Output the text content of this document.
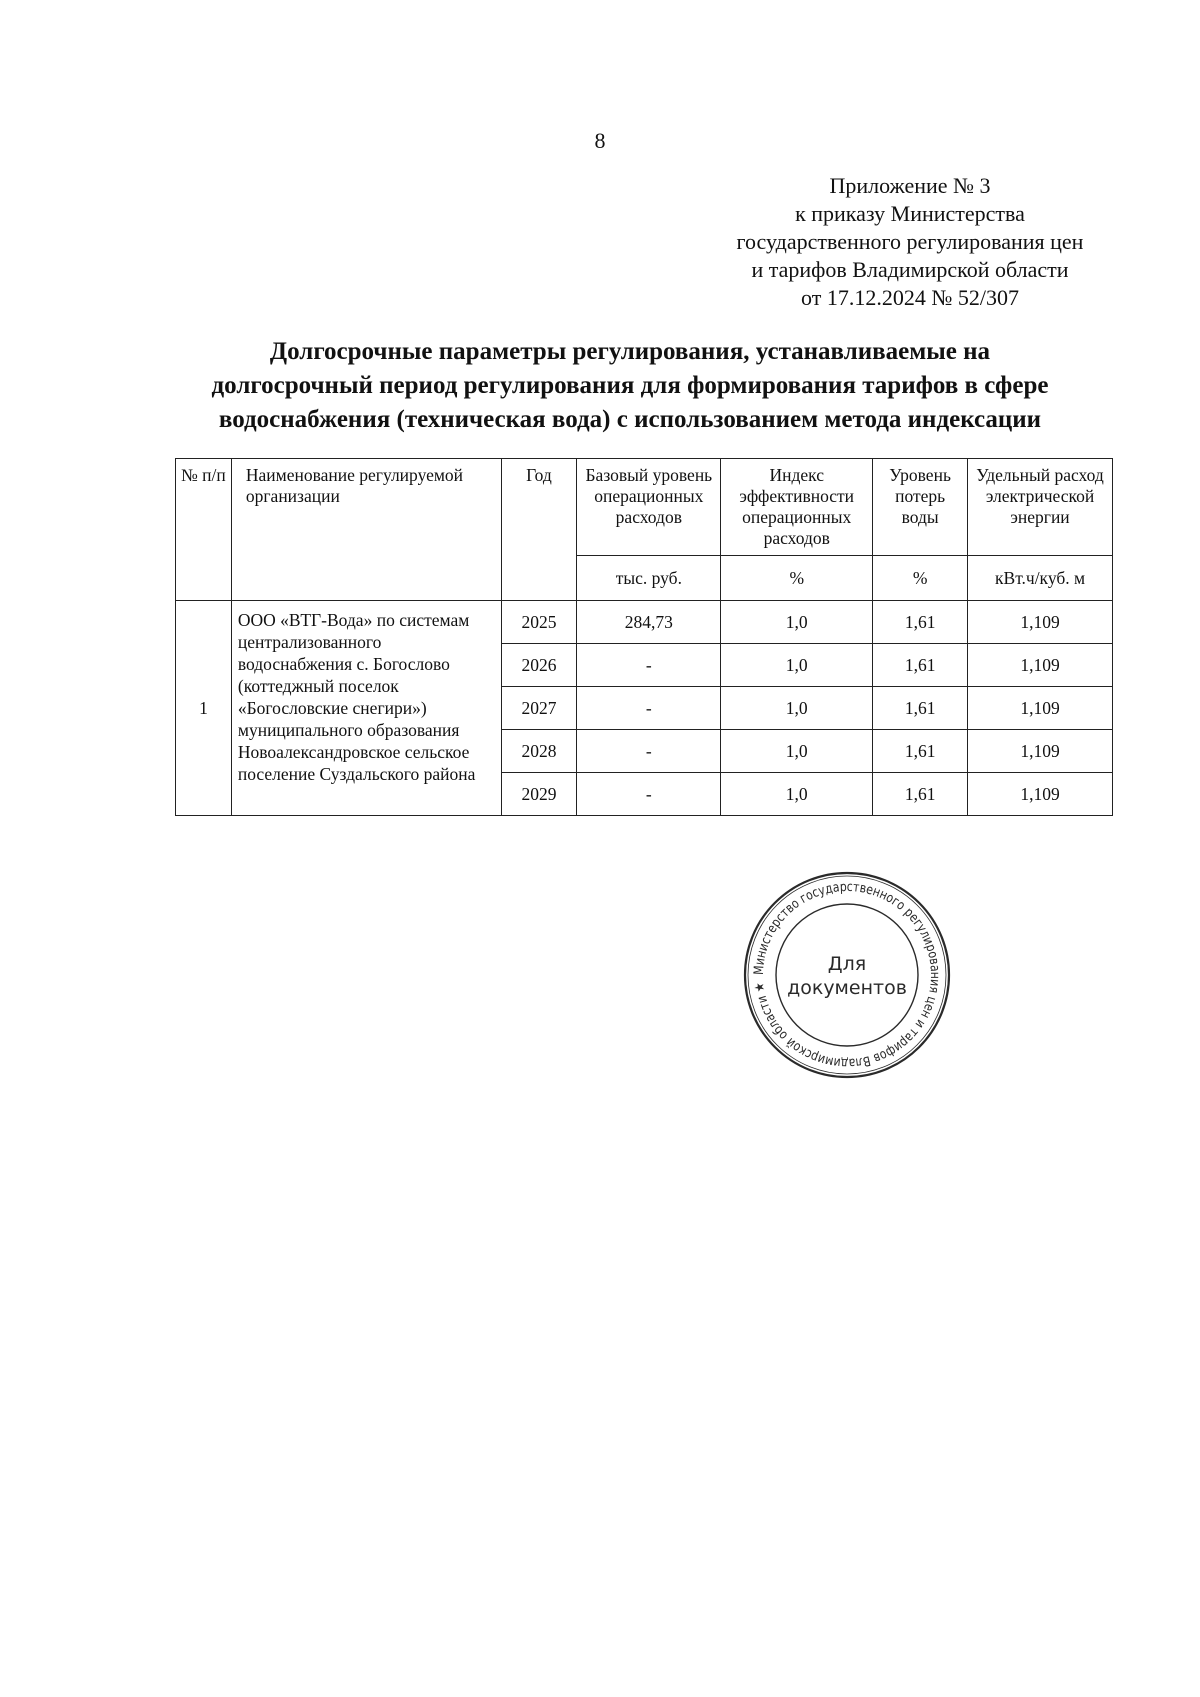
8
Приложение № 3
к приказу Министерства
государственного регулирования цен
и тарифов Владимирской области
от 17.12.2024 № 52/307
Долгосрочные параметры регулирования, устанавливаемые на
долгосрочный период регулирования для формирования тарифов в сфере
водоснабжения (техническая вода) с использованием метода индексации
№ п/п	Наименование регулируемой организации	Год	Базовый уровень операционных расходов	Индекс эффективности операционных расходов	Уровень потерь воды	Удельный расход электрической энергии
			тыс. руб.	%	%	кВт.ч/куб. м
1	ООО «ВТГ-Вода» по системам централизованного водоснабжения с. Богослово (коттеджный поселок «Богословские снегири») муниципального образования Новоалександровское сельское поселение Суздальского района	2025	284,73	1,0	1,61	1,109
		2026	-	1,0	1,61	1,109
		2027	-	1,0	1,61	1,109
		2028	-	1,0	1,61	1,109
		2029	-	1,0	1,61	1,109
Министерство государственного регулирования цен и тарифов Владимирской области ★
Для
документов
